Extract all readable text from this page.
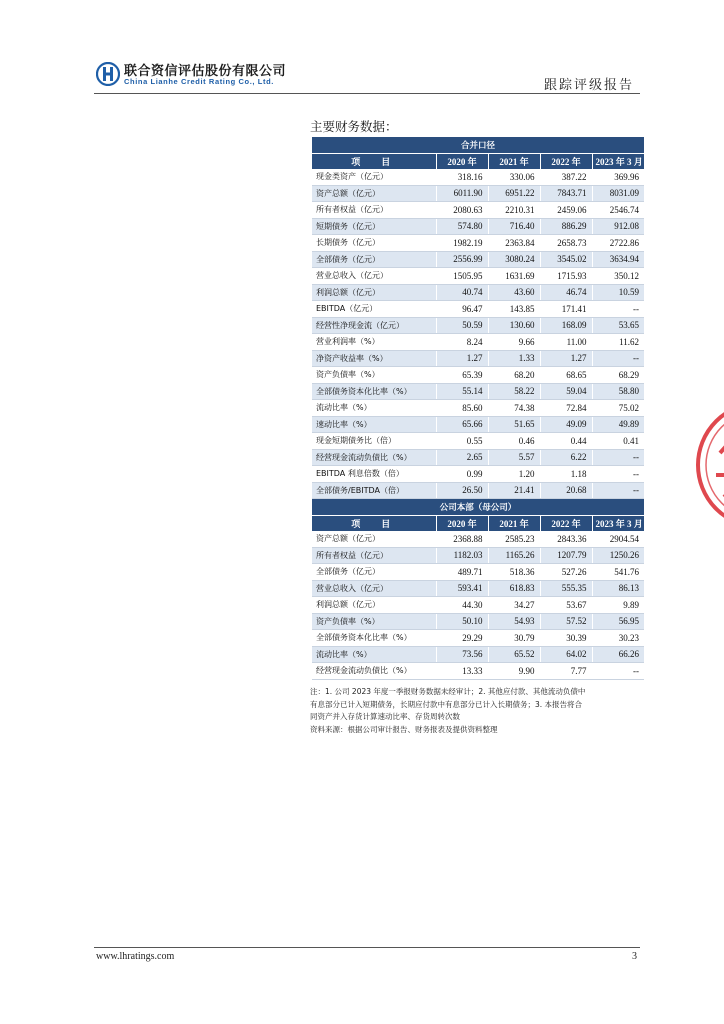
联合资信评估股份有限公司
China Lianhe Credit Rating Co., Ltd.	跟踪评级报告
主要财务数据：
合并口径				
项　目	2020 年	2021 年	2022 年	2023 年 3 月
现金类资产（亿元）	318.16	330.06	387.22	369.96
资产总额（亿元）	6011.90	6951.22	7843.71	8031.09
所有者权益（亿元）	2080.63	2210.31	2459.06	2546.74
短期债务（亿元）	574.80	716.40	886.29	912.08
长期债务（亿元）	1982.19	2363.84	2658.73	2722.86
全部债务（亿元）	2556.99	3080.24	3545.02	3634.94
营业总收入（亿元）	1505.95	1631.69	1715.93	350.12
利润总额（亿元）	40.74	43.60	46.74	10.59
EBITDA（亿元）	96.47	143.85	171.41	--
经营性净现金流（亿元）	50.59	130.60	168.09	53.65
营业利润率（%）	8.24	9.66	11.00	11.62
净资产收益率（%）	1.27	1.33	1.27	--
资产负债率（%）	65.39	68.20	68.65	68.29
全部债务资本化比率（%）	55.14	58.22	59.04	58.80
流动比率（%）	85.60	74.38	72.84	75.02
速动比率（%）	65.66	51.65	49.09	49.89
现金短期债务比（倍）	0.55	0.46	0.44	0.41
经营现金流动负债比（%）	2.65	5.57	6.22	--
EBITDA 利息倍数（倍）	0.99	1.20	1.18	--
全部债务/EBITDA（倍）	26.50	21.41	20.68	--
公司本部（母公司）				
项　目	2020 年	2021 年	2022 年	2023 年 3 月
资产总额（亿元）	2368.88	2585.23	2843.36	2904.54
所有者权益（亿元）	1182.03	1165.26	1207.79	1250.26
全部债务（亿元）	489.71	518.36	527.26	541.76
营业总收入（亿元）	593.41	618.83	555.35	86.13
利润总额（亿元）	44.30	34.27	53.67	9.89
资产负债率（%）	50.10	54.93	57.52	56.95
全部债务资本化比率（%）	29.29	30.79	30.39	30.23
流动比率（%）	73.56	65.52	64.02	66.26
经营现金流动负债比（%）	13.33	9.90	7.77	--

注：1. 公司 2023 年度一季报财务数据未经审计；2. 其他应付款、其他流动负债中

有息部分已计入短期债务，长期应付款中有息部分已计入长期债务；3. 本报告将合

同资产并入存货计算速动比率、存货周转次数

资料来源：根据公司审计报告、财务报表及提供资料整理

www.lhratings.com	3
